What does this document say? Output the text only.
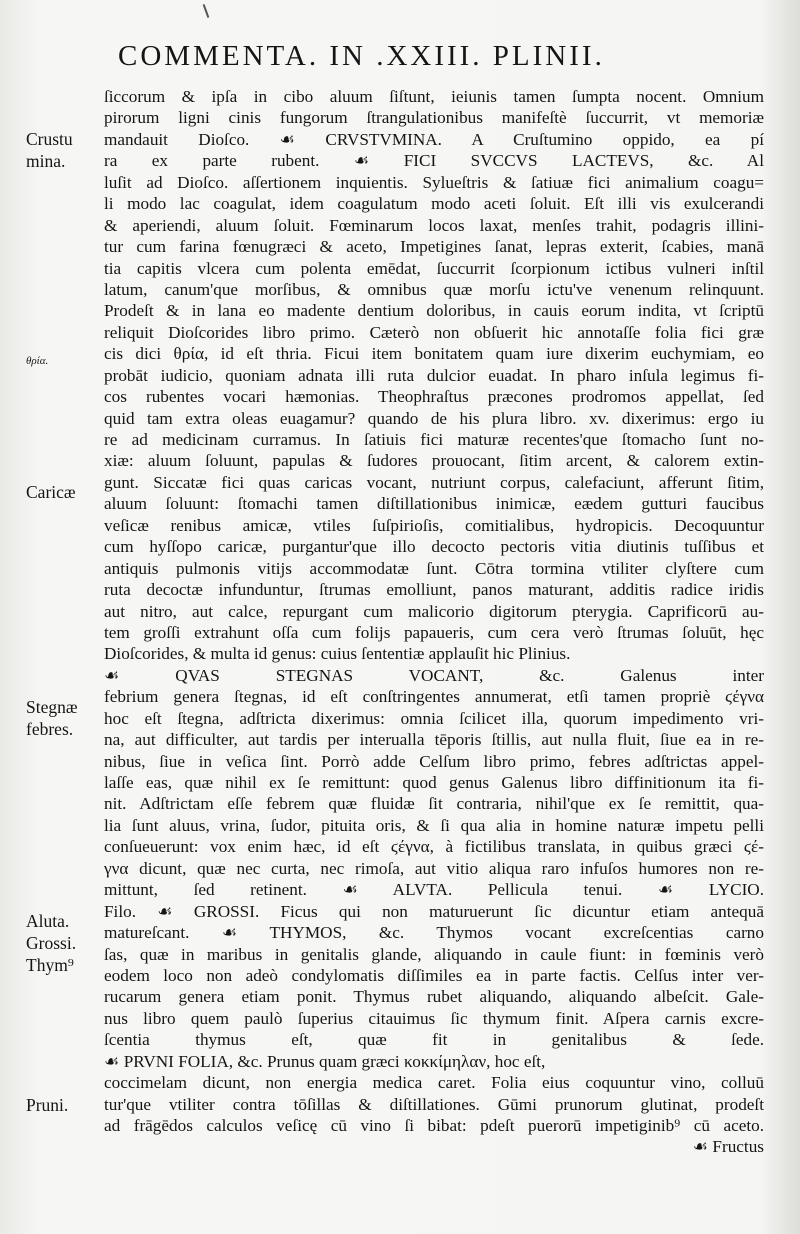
COMMENTA. IN .XXIII. PLINII.
Crustu
mina.
θρία.
Caricæ
Stegnæ
febres.
Aluta.
Grossi.
Thym⁹
Pruni.
ſiccorum & ipſa in cibo aluum ſiſtunt, ieiunis tamen ſumpta nocent. Omnium
pirorum ligni cinis fungorum ſtrangulationibus manifeſtè ſuccurrit, vt memoriæ
mandauit Dioſco. ☙ CRVSTVMINA. A Cruſtumino oppido, ea pí
ra ex parte rubent. ☙ FICI SVCCVS LACTEVS, &c. Al
luſit ad Dioſco. aſſertionem inquientis. Sylueſtris & ſatiuæ fici animalium coagu=
li modo lac coagulat, idem coagulatum modo aceti ſoluit. Eſt illi vis exulcerandi
& aperiendi, aluum ſoluit. Fœminarum locos laxat, menſes trahit, podagris illini-
tur cum farina fœnugræci & aceto, Impetigines ſanat, lepras exterit, ſcabies, manā
tia capitis vlcera cum polenta emēdat, ſuccurrit ſcorpionum ictibus vulneri inſtil
latum, canum'que morſibus, & omnibus quæ morſu ictu've venenum relinquunt.
Prodeſt & in lana eo madente dentium doloribus, in cauis eorum indita, vt ſcriptū
reliquit Dioſcorides libro primo. Cæterò non obſuerit hic annotaſſe folia fici græ
cis dici θρία, id eſt thria. Ficui item bonitatem quam iure dixerim euchymiam, eo
probāt iudicio, quoniam adnata illi ruta dulcior euadat. In pharo inſula legimus fi-
cos rubentes vocari hæmonias. Theophraſtus præcones prodromos appellat, ſed
quid tam extra oleas euagamur? quando de his plura libro. xv. dixerimus: ergo iu
re ad medicinam curramus. In ſatiuis fici maturæ recentes'que ſtomacho ſunt no-
xiæ: aluum ſoluunt, papulas & ſudores prouocant, ſitim arcent, & calorem extin-
gunt. Siccatæ fici quas caricas vocant, nutriunt corpus, calefaciunt, afferunt ſitim,
aluum ſoluunt: ſtomachi tamen diſtillationibus inimicæ, eædem gutturi faucibus
veſicæ renibus amicæ, vtiles ſuſpirioſis, comitialibus, hydropicis. Decoquuntur
cum hyſſopo caricæ, purgantur'que illo decocto pectoris vitia diutinis tuſſibus et
antiquis pulmonis vitijs accommodatæ ſunt. Cōtra tormina vtiliter clyſtere cum
ruta decoctæ infunduntur, ſtrumas emolliunt, panos maturant, additis radice iridis
aut nitro, aut calce, repurgant cum malicorio digitorum pterygia. Caprificorū au-
tem groſſi extrahunt oſſa cum folijs papaueris, cum cera verò ſtrumas ſoluūt, hęc
Dioſcorides, & multa id genus: cuius ſententiæ applauſit hic Plinius.
☙ QVAS STEGNAS VOCANT, &c. Galenus inter
febrium genera ſtegnas, id eſt conſtringentes annumerat, etſi tamen propriè ϛέγνα
hoc eſt ſtegna, adſtricta dixerimus: omnia ſcilicet illa, quorum impedimento vri-
na, aut difficulter, aut tardis per interualla tēporis ſtillis, aut nulla fluit, ſiue ea in re-
nibus, ſiue in veſica ſint. Porrò adde Celſum libro primo, febres adſtrictas appel-
laſſe eas, quæ nihil ex ſe remittunt: quod genus Galenus libro diffinitionum ita fi-
nit. Adſtrictam eſſe febrem quæ fluidæ ſit contraria, nihil'que ex ſe remittit, qua-
lia ſunt aluus, vrina, ſudor, pituita oris, & ſi qua alia in homine naturæ impetu pelli
conſueuerunt: vox enim hæc, id eſt ϛέγνα, à fictilibus translata, in quibus græci ϛέ-
γνα dicunt, quæ nec curta, nec rimoſa, aut vitio aliqua raro infuſos humores non re-
mittunt, ſed retinent. ☙ ALVTA. Pellicula tenui. ☙ LYCIO.
Filo. ☙ GROSSI. Ficus qui non maturuerunt ſic dicuntur etiam antequā
matureſcant. ☙ THYMOS, &c. Thymos vocant excreſcentias carno
ſas, quæ in maribus in genitalis glande, aliquando in caule fiunt: in fœminis verò
eodem loco non adeò condylomatis diſſimiles ea in parte factis. Celſus inter ver-
rucarum genera etiam ponit. Thymus rubet aliquando, aliquando albeſcit. Gale-
nus libro quem paulò ſuperius citauimus ſic thymum finit. Aſpera carnis excre-
ſcentia thymus eſt, quæ fit in genitalibus & ſede.
☙ PRVNI FOLIA, &c. Prunus quam græci κοκκίμηλαν, hoc eſt,
coccimelam dicunt, non energia medica caret. Folia eius coquuntur vino, colluū
tur'que vtiliter contra tōſillas & diſtillationes. Gūmi prunorum glutinat, prodeſt
ad frāgēdos calculos veſicę cū vino ſi bibat: pdeſt puerorū impetiginib⁹ cū aceto.
☙ Fructus
